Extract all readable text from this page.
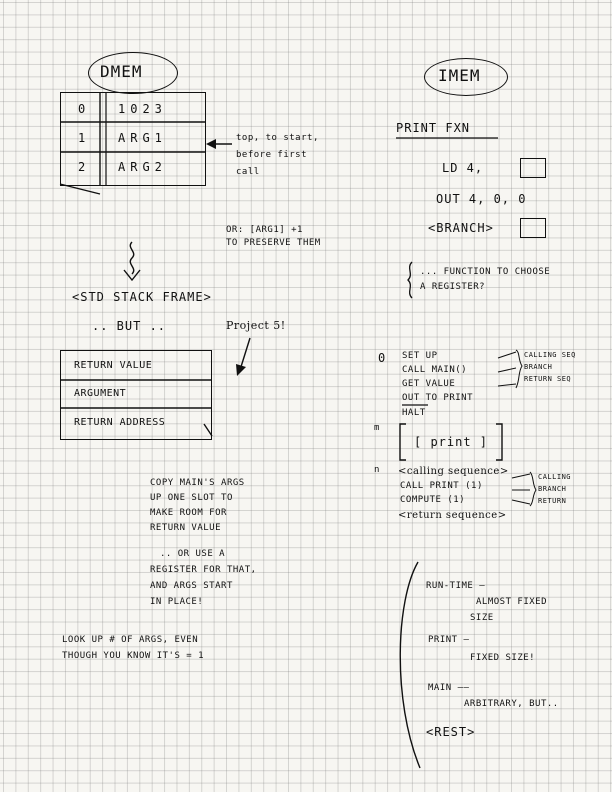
DMEM
0	1023
1	ARG1
2	ARG2
top, to start,
before first
call
OR: [ARG1] +1
TO PRESERVE THEM
<STD STACK FRAME>
.. BUT ..	Project 5!
RETURN VALUE
ARGUMENT
RETURN ADDRESS
COPY MAIN'S ARGS
UP ONE SLOT TO
MAKE ROOM FOR
RETURN VALUE
.. OR USE A
REGISTER FOR THAT,
AND ARGS START
IN PLACE!
LOOK UP # OF ARGS, EVEN
THOUGH YOU KNOW IT'S = 1
IMEM
PRINT FXN
LD 4,
OUT 4, 0, 0
<BRANCH>
... FUNCTION TO CHOOSE
A REGISTER?
0 SET UP
CALL MAIN()
GET VALUE
OUT TO PRINT
HALT
CALLING SEQ
BRANCH
RETURN SEQ
m
[ print ]
n <calling sequence>
CALL PRINT (1)
COMPUTE (1)
<return sequence>
CALLING
BRANCH
RETURN
RUN-TIME —
ALMOST FIXED
SIZE
PRINT —
FIXED SIZE!
MAIN ——
ARBITRARY, BUT..
<REST>
